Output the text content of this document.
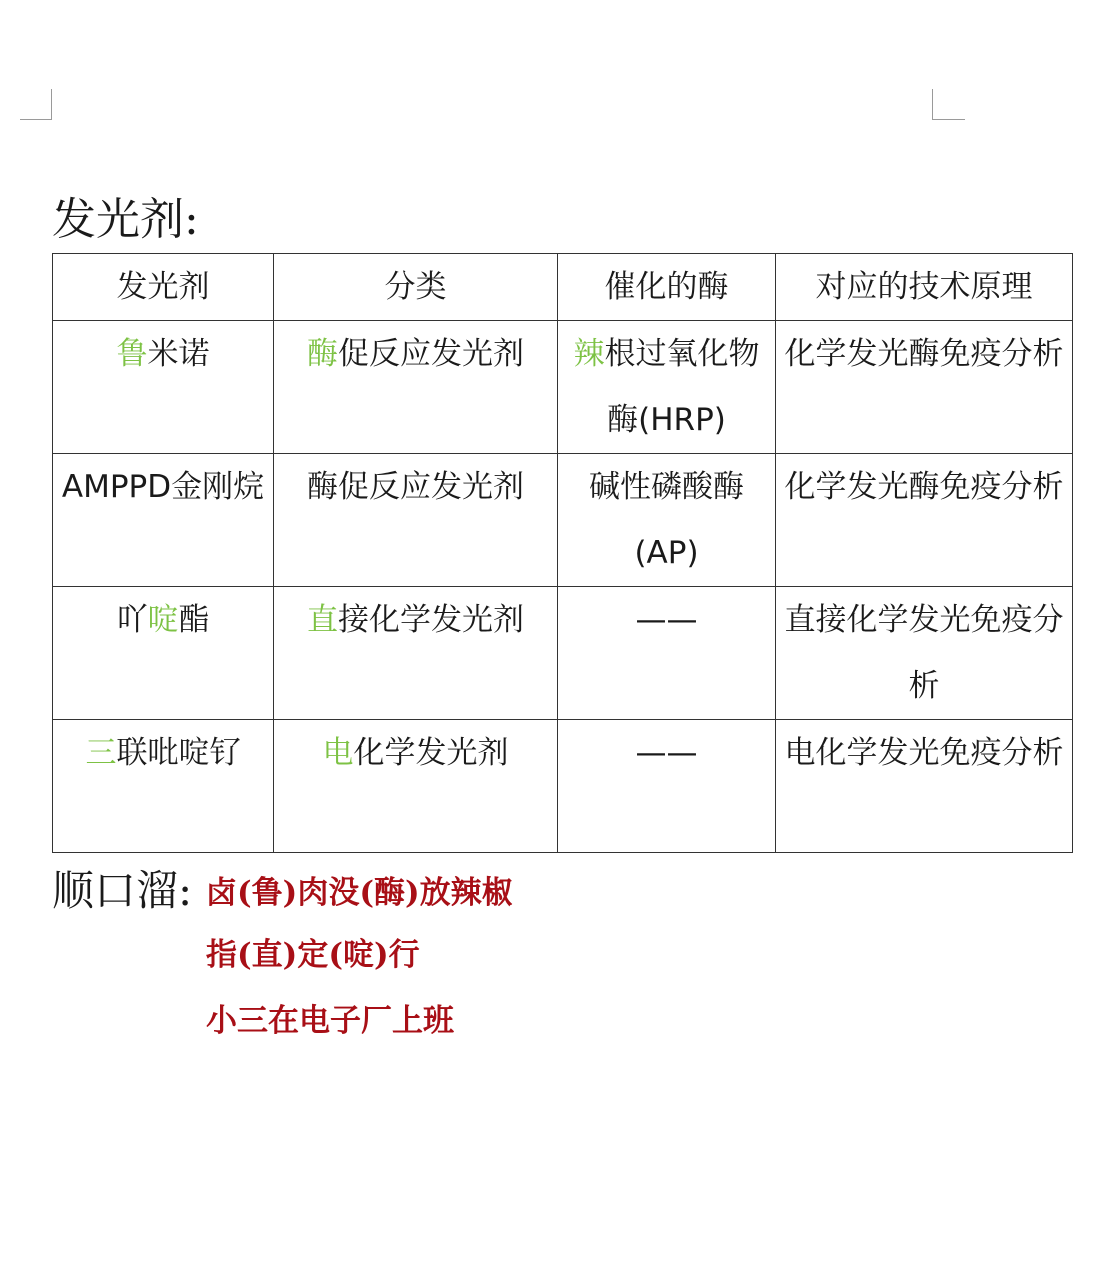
发光剂:
发光剂	分类	催化的酶	对应的技术原理
鲁米诺	酶促反应发光剂	辣根过氧化物酶(HRP)	化学发光酶免疫分析
AMPPD金刚烷	酶促反应发光剂	碱性磷酸酶(AP)	化学发光酶免疫分析
吖啶酯	直接化学发光剂	——	直接化学发光免疫分析
三联吡啶钌	电化学发光剂	——	电化学发光免疫分析
顺口溜: 卤(鲁)肉没(酶)放辣椒
指(直)定(啶)行
小三在电子厂上班
